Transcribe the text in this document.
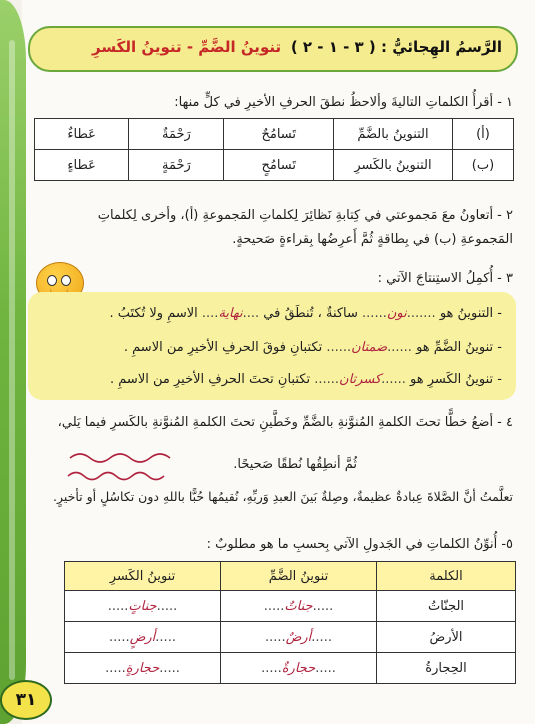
الرَّسمُ الهِجائيُّ : ( ٣ - ١ - ٢ )
تنوينُ الضَّمِّ - تنوينُ الكَسرِ
١ - أقرأُ الكلماتِ التاليةَ وألاحظُ نطقَ الحرفِ الأخيرِ في كلٍّ منها:
(أ)	التنوينُ بالضَّمِّ	تَسامُحٌ	رَحْمَةٌ	عَطاءٌ
(ب)	التنوينُ بالكَسرِ	تَسامُحٍ	رَحْمَةٍ	عَطاءٍ
٢ - أتعاونُ معَ مَجموعتي في كِتابةِ نَظائِرَ لِكلماتِ المَجموعةِ (أ)، وأخرى لِكلماتِ
المَجموعةِ (ب) في بِطاقةٍ ثُمَّ أَعرِضُها بِقراءةٍ صَحيحةٍ.
٣ - أُكمِلُ الاستِنتاجَ الآتي :
- التنوينُ هو .......نون...... ساكنةٌ ، تُنطَقُ في ....نهاية.... الاسمِ ولا تُكتَبُ .
- تنوينُ الضَّمِّ هو ......ضمتان...... تكتبانِ فوقَ الحرفِ الأخيرِ من الاسمِ .
- تنوينُ الكَسرِ هو ......كسرتان...... تكتبانِ تحتَ الحرفِ الأخيرِ من الاسمِ .
٤ - أضعُ خطًّا تحتَ الكلمةِ المُنوَّنةِ بالضَّمِّ وخَطَّينِ تحتَ الكلمةِ المُنوَّنةِ بالكَسرِ فيما يَلي،
ثُمَّ أنطِقُها نُطقًا صَحيحًا.
تعلَّمتُ أنَّ الصَّلاةَ عِبادةٌ عظيمةٌ، وصِلةٌ بَينَ العبدِ وَربِّهِ، نُقيمُها حُبًّا باللهِ دون تكاسُلٍ أو تأخيرٍ.
٥- أُنوِّنُ الكلماتِ في الجَدولِ الآتي بِحسبِ ما هو مطلوبٌ :
الكلمة	تنوينُ الضَّمِّ	تنوينُ الكَسرِ
الجنّاتُ	.....جناتٌ.....	.....جناتٍ.....
الأرضُ	.....أرضٌ.....	.....أرضٍ.....
الحِجارةُ	.....حجارةٌ.....	.....حجارةٍ.....
٣١
